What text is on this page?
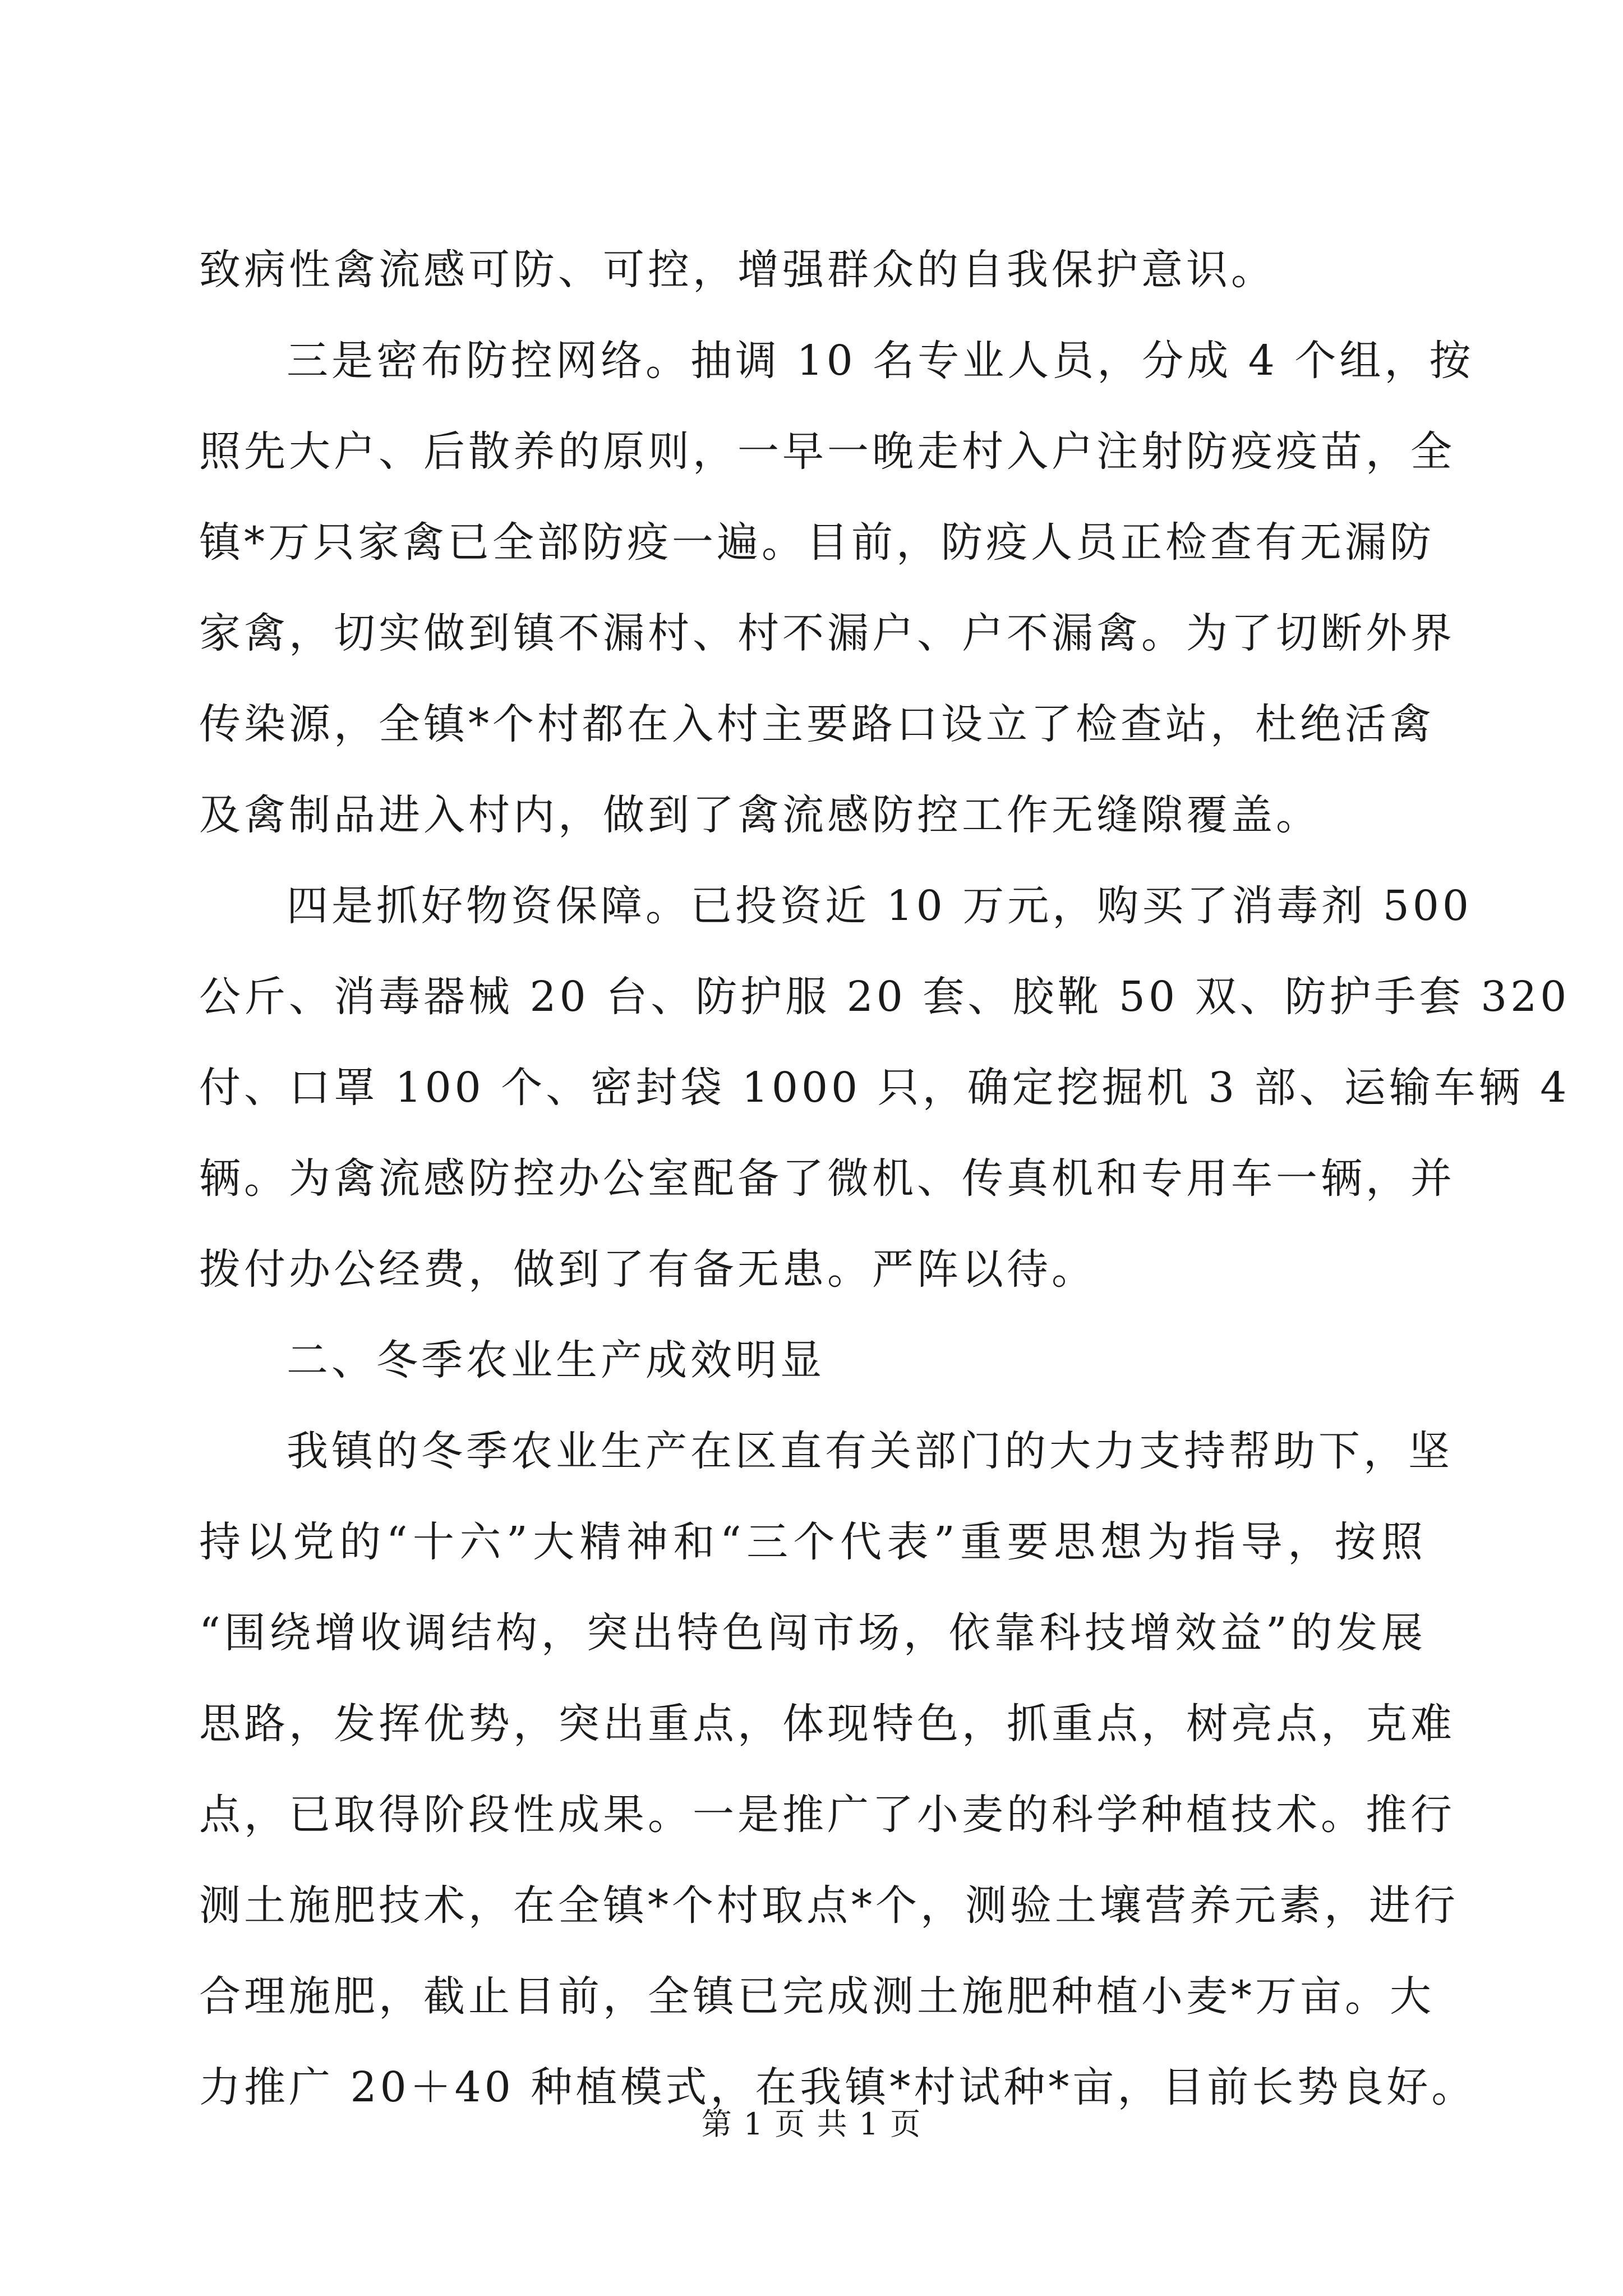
致病性禽流感可防、可控，增强群众的自我保护意识。
三是密布防控网络。抽调 10 名专业人员，分成 4 个组，按
照先大户、后散养的原则，一早一晚走村入户注射防疫疫苗，全
镇*万只家禽已全部防疫一遍。目前，防疫人员正检查有无漏防
家禽，切实做到镇不漏村、村不漏户、户不漏禽。为了切断外界
传染源，全镇*个村都在入村主要路口设立了检查站，杜绝活禽
及禽制品进入村内，做到了禽流感防控工作无缝隙覆盖。
四是抓好物资保障。已投资近 10 万元，购买了消毒剂 500
公斤、消毒器械 20 台、防护服 20 套、胶靴 50 双、防护手套 320
付、口罩 100 个、密封袋 1000 只，确定挖掘机 3 部、运输车辆 4
辆。为禽流感防控办公室配备了微机、传真机和专用车一辆，并
拨付办公经费，做到了有备无患。严阵以待。
二、冬季农业生产成效明显
我镇的冬季农业生产在区直有关部门的大力支持帮助下，坚
持以党的“十六”大精神和“三个代表”重要思想为指导，按照
“围绕增收调结构，突出特色闯市场，依靠科技增效益”的发展
思路，发挥优势，突出重点，体现特色，抓重点，树亮点，克难
点，已取得阶段性成果。一是推广了小麦的科学种植技术。推行
测土施肥技术，在全镇*个村取点*个，测验土壤营养元素，进行
合理施肥，截止目前，全镇已完成测土施肥种植小麦*万亩。大
力推广 20＋40 种植模式，在我镇*村试种*亩，目前长势良好。
第 1 页 共 1 页
